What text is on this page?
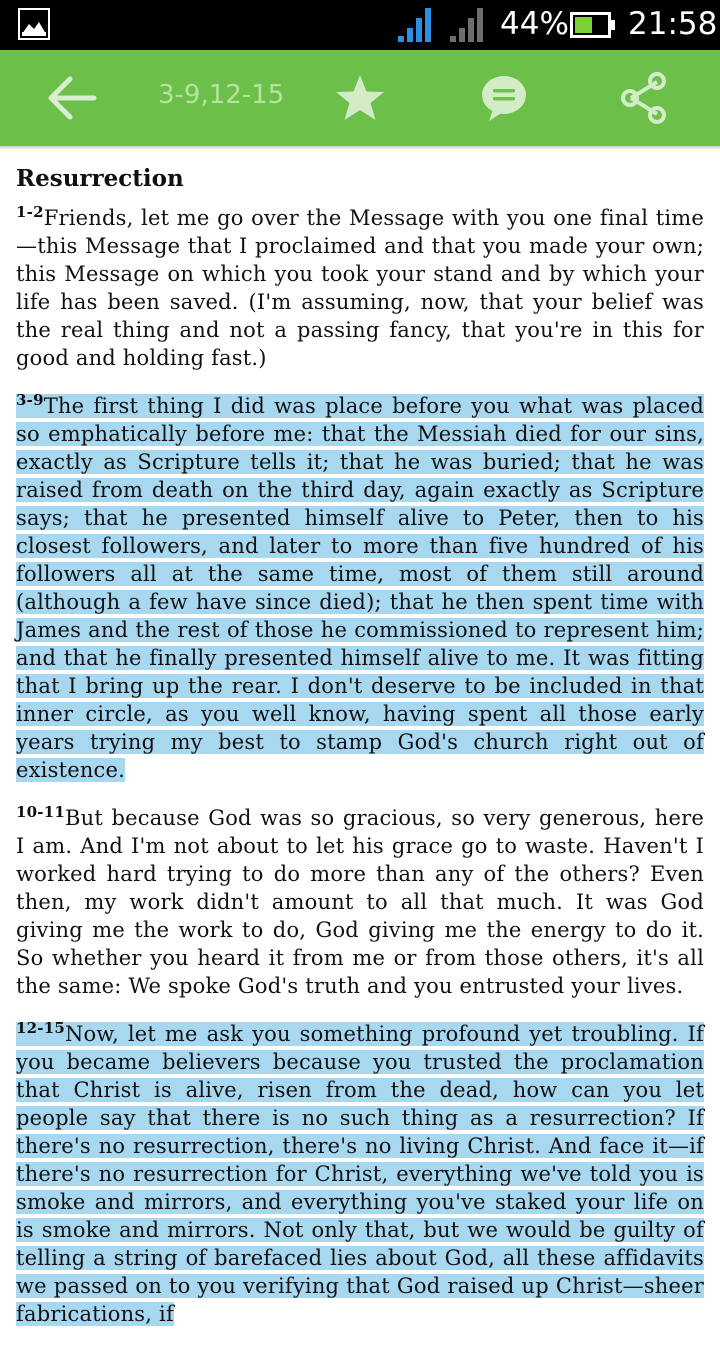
44% 21:58
3-9,12-15
Resurrection

$^{1-2}$Friends, let me go over the Message with you one final time—this Message that I proclaimed and that you made your own; this Message on which you took your stand and by which your life has been saved. (I'm assuming, now, that your belief was the real thing and not a passing fancy, that you're in this for good and holding fast.)

$^{3-9}$The first thing I did was place before you what was placed so emphatically before me: that the Messiah died for our sins, exactly as Scripture tells it; that he was buried; that he was raised from death on the third day, again exactly as Scripture says; that he presented himself alive to Peter, then to his closest followers, and later to more than five hundred of his followers all at the same time, most of them still around (although a few have since died); that he then spent time with James and the rest of those he commissioned to represent him; and that he finally presented himself alive to me. It was fitting that I bring up the rear. I don't deserve to be included in that inner circle, as you well know, having spent all those early years trying my best to stamp God's church right out of existence.

$^{10-11}$But because God was so gracious, so very generous, here I am. And I'm not about to let his grace go to waste. Haven't I worked hard trying to do more than any of the others? Even then, my work didn't amount to all that much. It was God giving me the work to do, God giving me the energy to do it. So whether you heard it from me or from those others, it's all the same: We spoke God's truth and you entrusted your lives.

$^{12-15}$Now, let me ask you something profound yet troubling. If you became believers because you trusted the proclamation that Christ is alive, risen from the dead, how can you let people say that there is no such thing as a resurrection? If there's no resurrection, there's no living Christ. And face it—if there's no resurrection for Christ, everything we've told you is smoke and mirrors, and everything you've staked your life on is smoke and mirrors. Not only that, but we would be guilty of telling a string of barefaced lies about God, all these affidavits we passed on to you verifying that God raised up Christ—sheer fabrications, if
